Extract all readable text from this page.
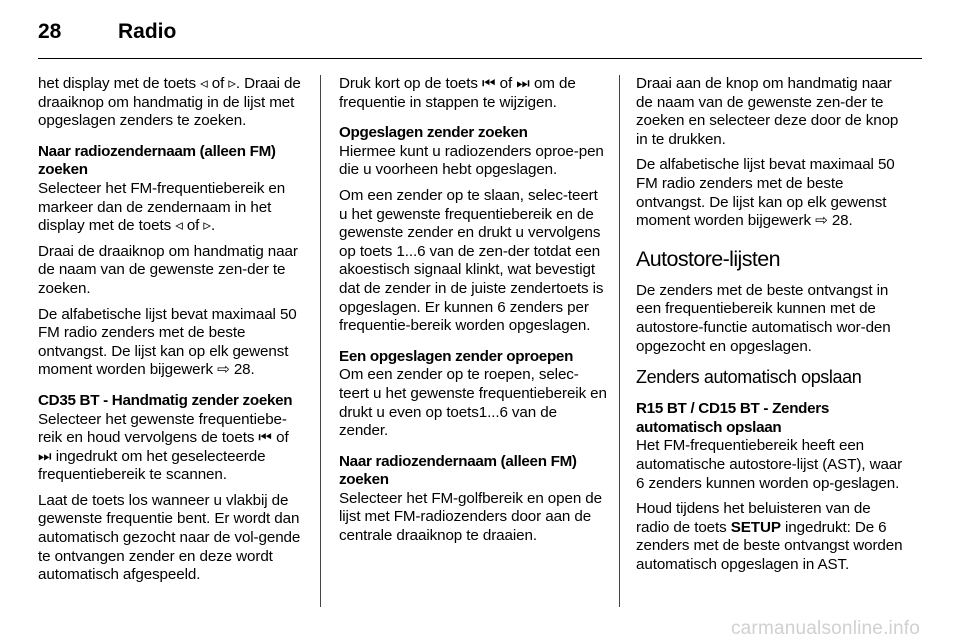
28	Radio

het display met de toets ◃ of ▹. Draai de draaiknop om handmatig in de lijst met opgeslagen zenders te zoeken.

Naar radiozendernaam (alleen FM) zoeken

Selecteer het FM-frequentiebereik en markeer dan de zendernaam in het display met de toets ◃ of ▹.

Draai de draaiknop om handmatig naar de naam van de gewenste zen‐der te zoeken.

De alfabetische lijst bevat maximaal 50 FM radio zenders met de beste ontvangst. De lijst kan op elk gewenst moment worden bijgewerk ⇨ 28.

CD35 BT - Handmatig zender zoeken

Selecteer het gewenste frequentiebe‐reik en houd vervolgens de toets ⏮ of ⏭ ingedrukt om het geselecteerde frequentiebereik te scannen.

Laat de toets los wanneer u vlakbij de gewenste frequentie bent. Er wordt dan automatisch gezocht naar de vol‐gende te ontvangen zender en deze wordt automatisch afgespeeld.

Druk kort op de toets ⏮ of ⏭ om de frequentie in stappen te wijzigen.

Opgeslagen zender zoeken

Hiermee kunt u radiozenders oproe‐pen die u voorheen hebt opgeslagen.

Om een zender op te slaan, selec‐teert u het gewenste frequentiebereik en de gewenste zender en drukt u vervolgens op toets 1...6 van de zen‐der totdat een akoestisch signaal klinkt, wat bevestigt dat de zender in de juiste zendertoets is opgeslagen. Er kunnen 6 zenders per frequentie‐bereik worden opgeslagen.

Een opgeslagen zender oproepen

Om een zender op te roepen, selec‐teert u het gewenste frequentiebereik en drukt u even op toets1...6 van de zender.

Naar radiozendernaam (alleen FM) zoeken

Selecteer het FM-golfbereik en open de lijst met FM-radiozenders door aan de centrale draaiknop te draaien.

Draai aan de knop om handmatig naar de naam van de gewenste zen‐der te zoeken en selecteer deze door de knop in te drukken.

De alfabetische lijst bevat maximaal 50 FM radio zenders met de beste ontvangst. De lijst kan op elk gewenst moment worden bijgewerk ⇨ 28.

Autostore-lijsten

De zenders met de beste ontvangst in een frequentiebereik kunnen met de autostore-functie automatisch wor‐den opgezocht en opgeslagen.

Zenders automatisch opslaan

R15 BT / CD15 BT - Zenders automatisch opslaan

Het FM-frequentiebereik heeft een automatische autostore-lijst (AST), waar 6 zenders kunnen worden op‐geslagen.

Houd tijdens het beluisteren van de radio de toets SETUP ingedrukt: De 6 zenders met de beste ontvangst worden automatisch opgeslagen in AST.

carmanualsonline.info
